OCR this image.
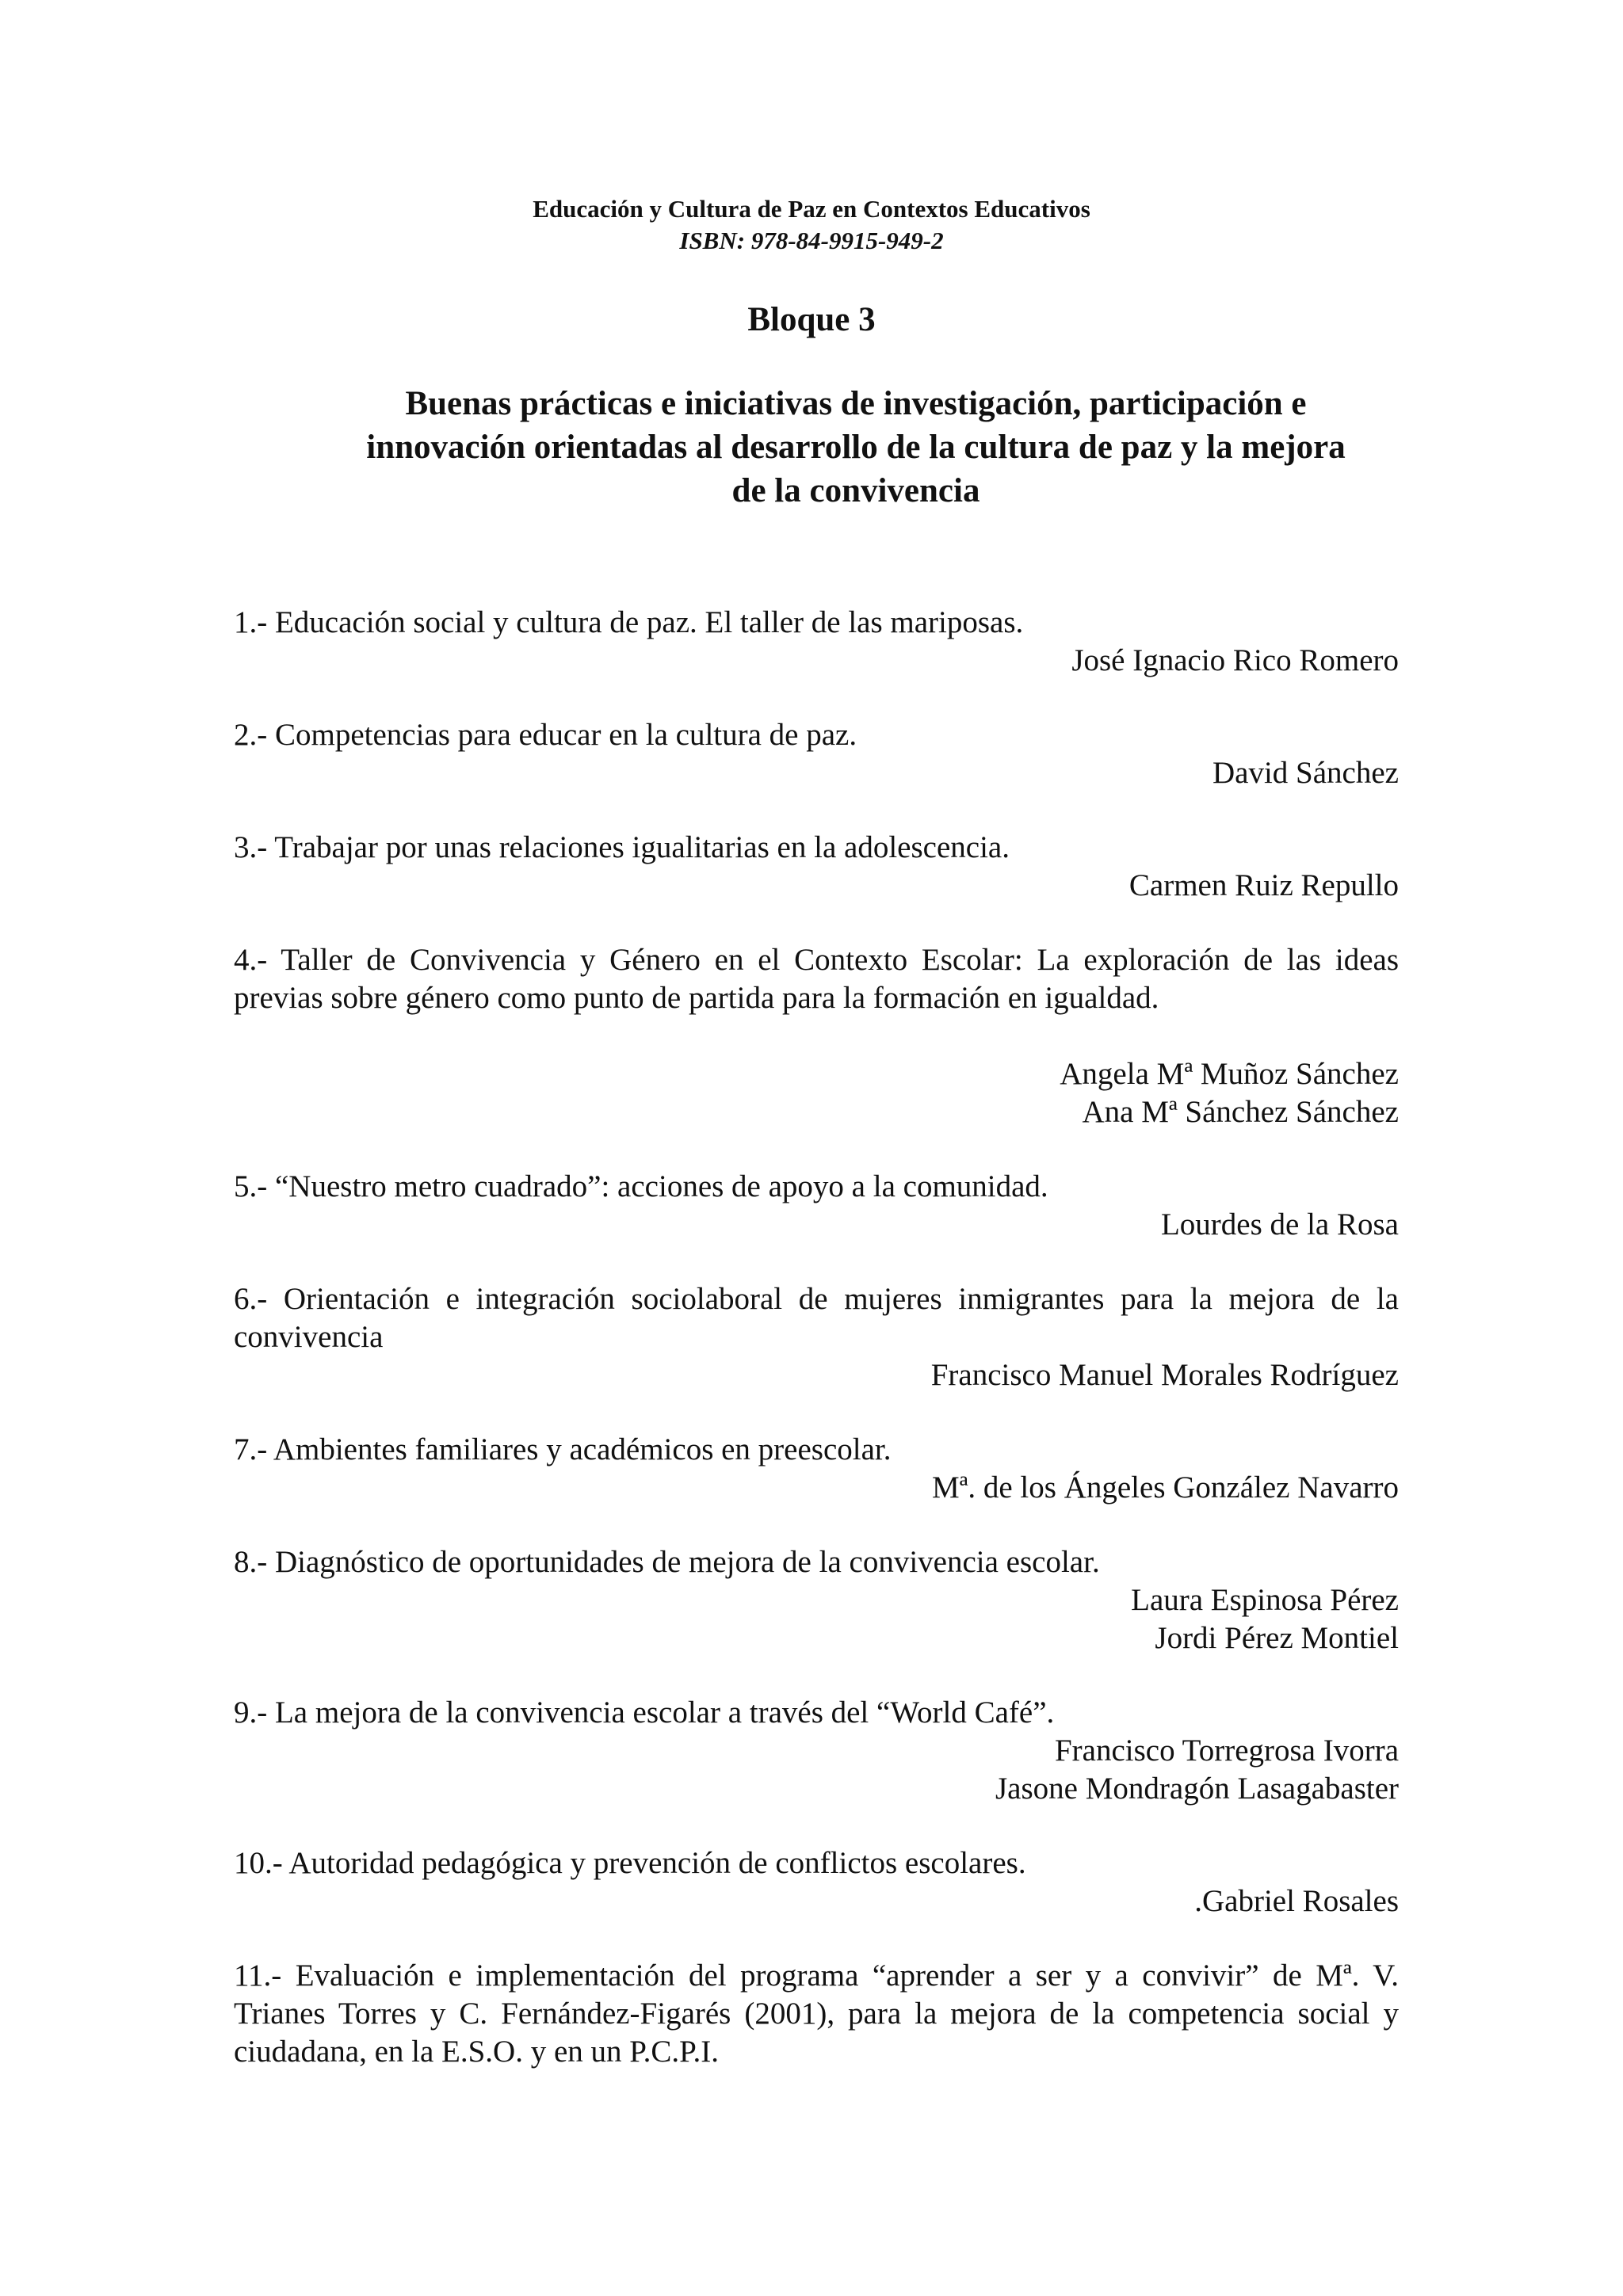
Educación y Cultura de Paz en Contextos Educativos
ISBN: 978-84-9915-949-2
Bloque 3
Buenas prácticas e iniciativas de investigación, participación e innovación orientadas al desarrollo de la cultura de paz y la mejora de la convivencia
1.- Educación social y cultura de paz. El taller de las mariposas.
José Ignacio Rico Romero
2.- Competencias para educar en la cultura de paz.
David Sánchez
3.- Trabajar por unas relaciones igualitarias en la adolescencia.
Carmen Ruiz Repullo
4.- Taller de Convivencia y Género en el Contexto Escolar: La exploración de las ideas previas sobre género como punto de partida para la formación en igualdad.
Angela Mª Muñoz Sánchez
Ana Mª Sánchez Sánchez
5.- “Nuestro metro cuadrado”: acciones de apoyo a la comunidad.
Lourdes de la Rosa
6.- Orientación e integración sociolaboral de mujeres inmigrantes para la mejora de la convivencia
Francisco Manuel Morales Rodríguez
7.- Ambientes familiares y académicos en preescolar.
Mª. de los Ángeles González Navarro
8.- Diagnóstico de oportunidades de mejora de la convivencia escolar.
Laura Espinosa Pérez
Jordi Pérez Montiel
9.- La mejora de la convivencia escolar a través del “World Café”.
Francisco Torregrosa Ivorra
Jasone Mondragón Lasagabaster
10.- Autoridad pedagógica y prevención de conflictos escolares.
.Gabriel Rosales
11.- Evaluación e implementación del programa “aprender a ser y a convivir” de Mª. V. Trianes Torres y C. Fernández-Figarés (2001), para la mejora de la competencia social y ciudadana, en la E.S.O. y en un P.C.P.I.
